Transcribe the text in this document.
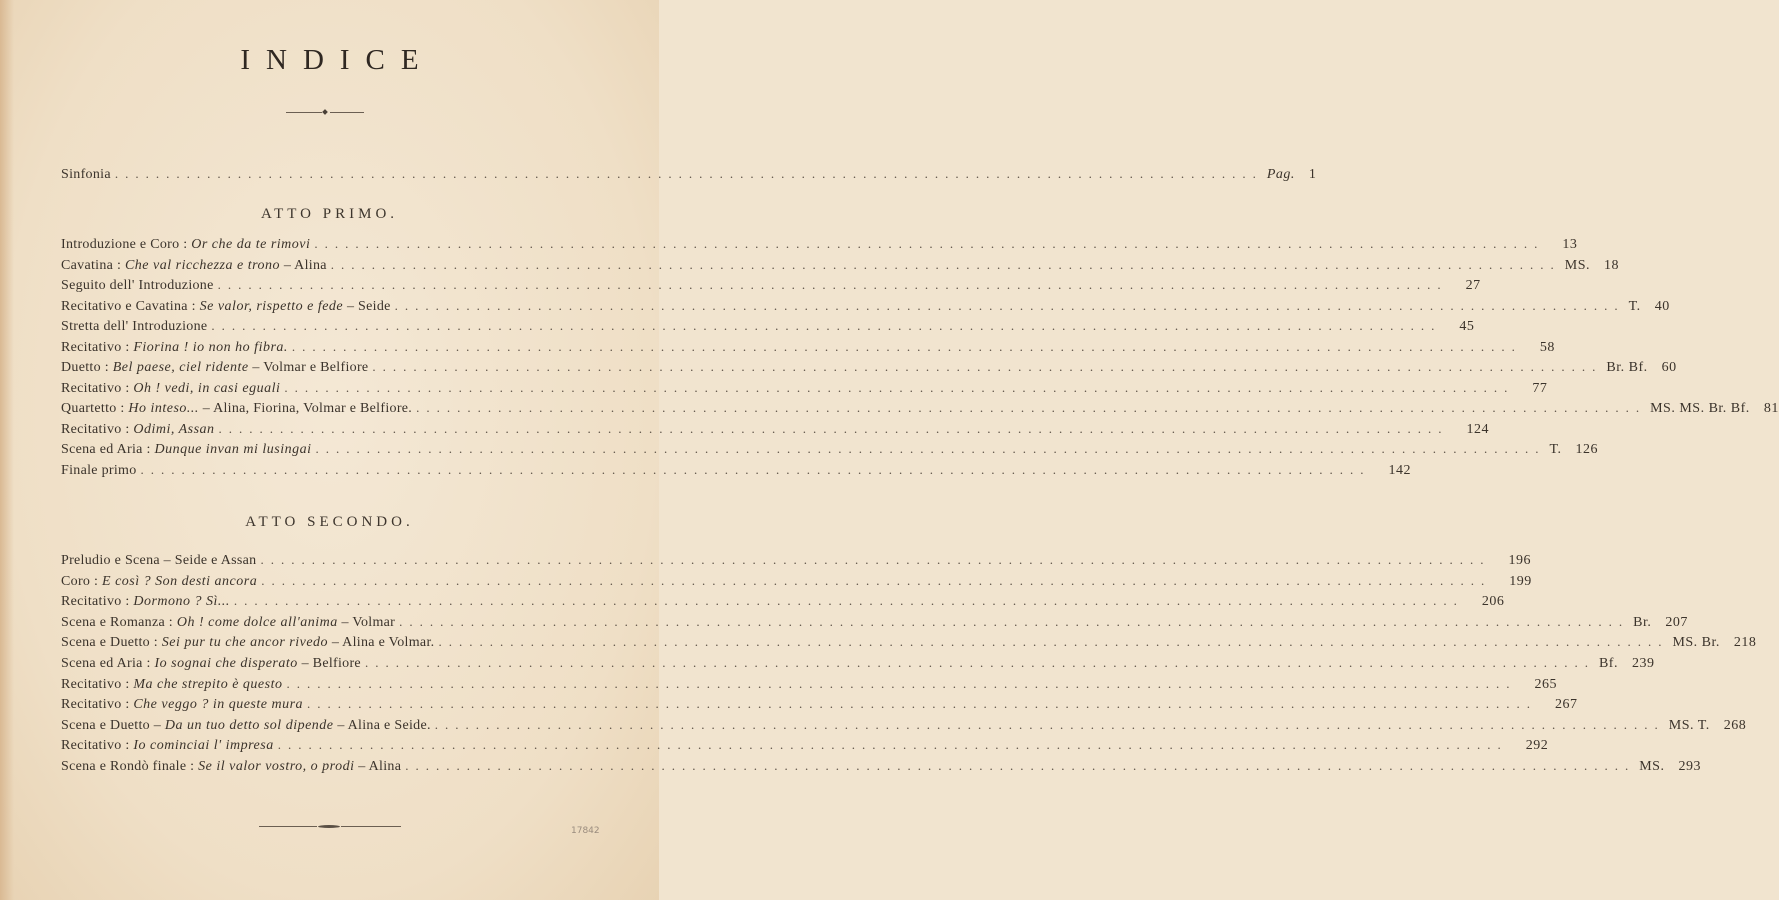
INDICE
Sinfonia ................................................................................................................ Pag. 1
ATTO PRIMO.
Introduzione e Coro : Or che da te rimovi ........................................................................................................................ 13
Cavatina : Che val ricchezza e trono – Alina ........................................................................................................................ MS. 18
Seguito dell' Introduzione ........................................................................................................................ 27
Recitativo e Cavatina : Se valor, rispetto e fede – Seide ........................................................................................................................ T. 40
Stretta dell' Introduzione ........................................................................................................................ 45
Recitativo : Fiorina ! io non ho fibra. ........................................................................................................................ 58
Duetto : Bel paese, ciel ridente – Volmar e Belfiore ........................................................................................................................ Br. Bf. 60
Recitativo : Oh ! vedi, in casi eguali ........................................................................................................................ 77
Quartetto : Ho inteso... – Alina, Fiorina, Volmar e Belfiore. ........................................................................................................................ MS. MS. Br. Bf. 81
Recitativo : Odimi, Assan ........................................................................................................................ 124
Scena ed Aria : Dunque invan mi lusingai ........................................................................................................................ T. 126
Finale primo ........................................................................................................................ 142
ATTO SECONDO.
Preludio e Scena – Seide e Assan ........................................................................................................................ 196
Coro : E così ? Son desti ancora ........................................................................................................................ 199
Recitativo : Dormono ? Sì... ........................................................................................................................ 206
Scena e Romanza : Oh ! come dolce all'anima – Volmar ........................................................................................................................ Br. 207
Scena e Duetto : Sei pur tu che ancor rivedo – Alina e Volmar. ........................................................................................................................ MS. Br. 218
Scena ed Aria : Io sognai che disperato – Belfiore ........................................................................................................................ Bf. 239
Recitativo : Ma che strepito è questo ........................................................................................................................ 265
Recitativo : Che veggo ? in queste mura ........................................................................................................................ 267
Scena e Duetto – Da un tuo detto sol dipende – Alina e Seide. ........................................................................................................................ MS. T. 268
Recitativo : Io cominciai l' impresa ........................................................................................................................ 292
Scena e Rondò finale : Se il valor vostro, o prodi – Alina ........................................................................................................................ MS. 293
17842
